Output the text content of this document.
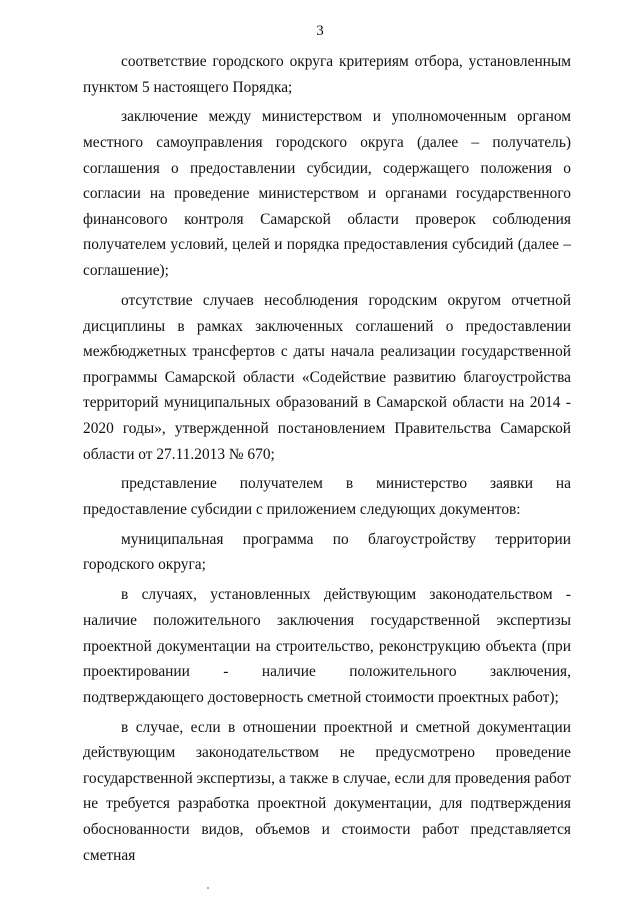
3

соответствие городского округа критериям отбора, установленным пунктом 5 настоящего Порядка;

заключение между министерством и уполномоченным органом местного самоуправления городского округа (далее – получатель) соглашения о предоставлении субсидии, содержащего положения о согласии на проведение министерством и органами государственного финансового контроля Самарской области проверок соблюдения получателем условий, целей и порядка предоставления субсидий (далее – соглашение);

отсутствие случаев несоблюдения городским округом отчетной дисциплины в рамках заключенных соглашений о предоставлении межбюджетных трансфертов с даты начала реализации государственной программы Самарской области «Содействие развитию благоустройства территорий муниципальных образований в Самарской области на 2014 - 2020 годы», утвержденной постановлением Правительства Самарской области от 27.11.2013 № 670;

представление получателем в министерство заявки на предоставление субсидии с приложением следующих документов:

муниципальная программа по благоустройству территории городского округа;

в случаях, установленных действующим законодательством - наличие положительного заключения государственной экспертизы проектной документации на строительство, реконструкцию объекта (при проектировании - наличие положительного заключения, подтверждающего достоверность сметной стоимости проектных работ);

в случае, если в отношении проектной и сметной документации действующим законодательством не предусмотрено проведение государственной экспертизы, а также в случае, если для проведения работ не требуется разработка проектной документации, для подтверждения обоснованности видов, объемов и стоимости работ представляется сметная
